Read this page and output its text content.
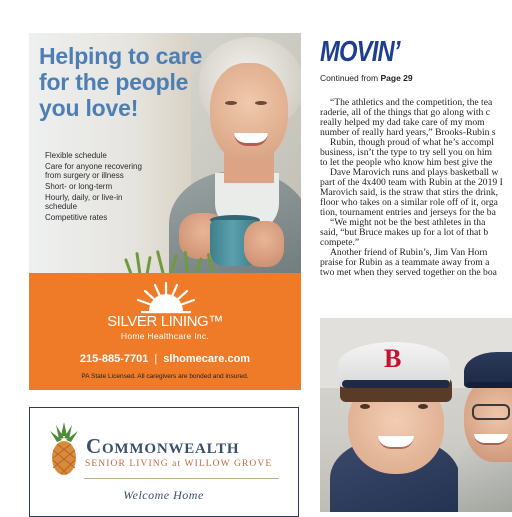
Helping to care for the people you love!
Flexible schedule
Care for anyone recovering from surgery or illness
Short- or long-term
Hourly, daily, or live-in schedule
Competitive rates
SILVER LINING™
Home Healthcare Inc.
215-885-7701 | slhomecare.com
PA State Licensed. All caregivers are bonded and insured.
Commonwealth

SENIOR LIVING at WILLOW GROVE

Welcome Home

MOVIN’

Continued from Page 29

“The athletics and the competition, the tea
raderie, all of the things that go along with c
really helped my dad take care of my mom
number of really hard years,” Brooks-Rubin s
Rubin, though proud of what he’s accompl
business, isn’t the type to try sell you on him
to let the people who know him best give the
Dave Marovich runs and plays basketball w
part of the 4x400 team with Rubin at the 2019 I
Marovich said, is the straw that stirs the drink,
floor who takes on a similar role off of it, orga
tion, tournament entries and jerseys for the ba
“We might not be the best athletes in tha
said, “but Bruce makes up for a lot of that b
compete.”
Another friend of Rubin’s, Jim Van Horn
praise for Rubin as a teammate away from a
two met when they served together on the boa
B
